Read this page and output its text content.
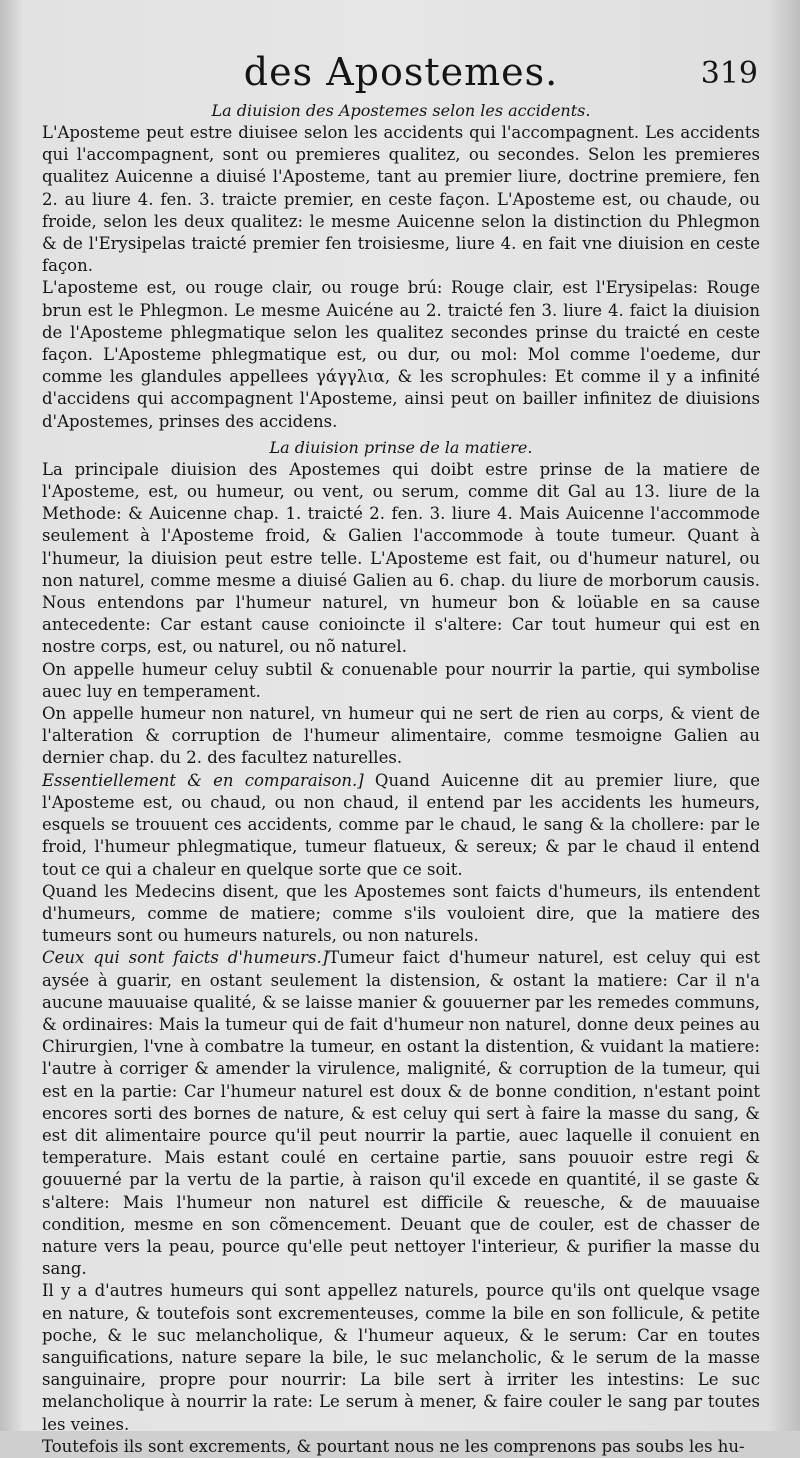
des Apostemes.	319
La diuision des Apostemes selon les accidents.

L'Aposteme peut estre diuisee selon les accidents qui l'accompagnent. Les accidents qui l'accompagnent, sont ou premieres qualitez, ou secondes. Selon les premieres qualitez Auicenne a diuisé l'Aposteme, tant au premier liure, doctrine premiere, fen 2. au liure 4. fen. 3. traicte premier, en ceste façon. L'Aposteme est, ou chaude, ou froide, selon les deux qualitez: le mesme Auicenne selon la distinction du Phlegmon & de l'Erysipelas traicté premier fen troisiesme, liure 4. en fait vne diuision en ceste façon.

L'aposteme est, ou rouge clair, ou rouge brú: Rouge clair, est l'Erysipelas: Rouge brun est le Phlegmon. Le mesme Auicéne au 2. traicté fen 3. liure 4. faict la diuision de l'Aposteme phlegmatique selon les qualitez secondes prinse du traicté en ceste façon. L'Aposteme phlegmatique est, ou dur, ou mol: Mol comme l'oedeme, dur comme les glandules appellees γάγγλια, & les scrophules: Et comme il y a infinité d'accidens qui accompagnent l'Aposteme, ainsi peut on bailler infinitez de diuisions d'Apostemes, prinses des accidens.

La diuision prinse de la matiere.

La principale diuision des Apostemes qui doibt estre prinse de la matiere de l'Aposteme, est, ou humeur, ou vent, ou serum, comme dit Gal au 13. liure de la Methode: & Auicenne chap. 1. traicté 2. fen. 3. liure 4. Mais Auicenne l'accommode seulement à l'Aposteme froid, & Galien l'accommode à toute tumeur. Quant à l'humeur, la diuision peut estre telle. L'Aposteme est fait, ou d'humeur naturel, ou non naturel, comme mesme a diuisé Galien au 6. chap. du liure de morborum causis. Nous entendons par l'humeur naturel, vn humeur bon & loüable en sa cause antecedente: Car estant cause conioincte il s'altere: Car tout humeur qui est en nostre corps, est, ou naturel, ou nõ naturel.

On appelle humeur celuy subtil & conuenable pour nourrir la partie, qui symbolise auec luy en temperament.

On appelle humeur non naturel, vn humeur qui ne sert de rien au corps, & vient de l'alteration & corruption de l'humeur alimentaire, comme tesmoigne Galien au dernier chap. du 2. des facultez naturelles.

Essentiellement & en comparaison.] Quand Auicenne dit au premier liure, que l'Aposteme est, ou chaud, ou non chaud, il entend par les accidents les humeurs, esquels se trouuent ces accidents, comme par le chaud, le sang & la chollere: par le froid, l'humeur phlegmatique, tumeur flatueux, & sereux; & par le chaud il entend tout ce qui a chaleur en quelque sorte que ce soit.

Quand les Medecins disent, que les Apostemes sont faicts d'humeurs, ils entendent d'humeurs, comme de matiere; comme s'ils vouloient dire, que la matiere des tumeurs sont ou humeurs naturels, ou non naturels.

Ceux qui sont faicts d'humeurs.]Tumeur faict d'humeur naturel, est celuy qui est aysée à guarir, en ostant seulement la distension, & ostant la matiere: Car il n'a aucune mauuaise qualité, & se laisse manier & gouuerner par les remedes communs, & ordinaires: Mais la tumeur qui de fait d'humeur non naturel, donne deux peines au Chirurgien, l'vne à combatre la tumeur, en ostant la distention, & vuidant la matiere: l'autre à corriger & amender la virulence, malignité, & corruption de la tumeur, qui est en la partie: Car l'humeur naturel est doux & de bonne condition, n'estant point encores sorti des bornes de nature, & est celuy qui sert à faire la masse du sang, & est dit alimentaire pource qu'il peut nourrir la partie, auec laquelle il conuient en temperature. Mais estant coulé en certaine partie, sans pouuoir estre regi & gouuerné par la vertu de la partie, à raison qu'il excede en quantité, il se gaste & s'altere: Mais l'humeur non naturel est difficile & reuesche, & de mauuaise condition, mesme en son cõmencement. Deuant que de couler, est de chasser de nature vers la peau, pource qu'elle peut nettoyer l'interieur, & purifier la masse du sang.

Il y a d'autres humeurs qui sont appellez naturels, pource qu'ils ont quelque vsage en nature, & toutefois sont excrementeuses, comme la bile en son follicule, & petite poche, & le suc melancholique, & l'humeur aqueux, & le serum: Car en toutes sanguifications, nature separe la bile, le suc melancholic, & le serum de la masse sanguinaire, propre pour nourrir: La bile sert à irriter les intestins: Le suc melancholique à nourrir la rate: Le serum à mener, & faire couler le sang par toutes les veines.

Toutefois ils sont excrements, & pourtant nous ne les comprenons pas soubs les hu-
